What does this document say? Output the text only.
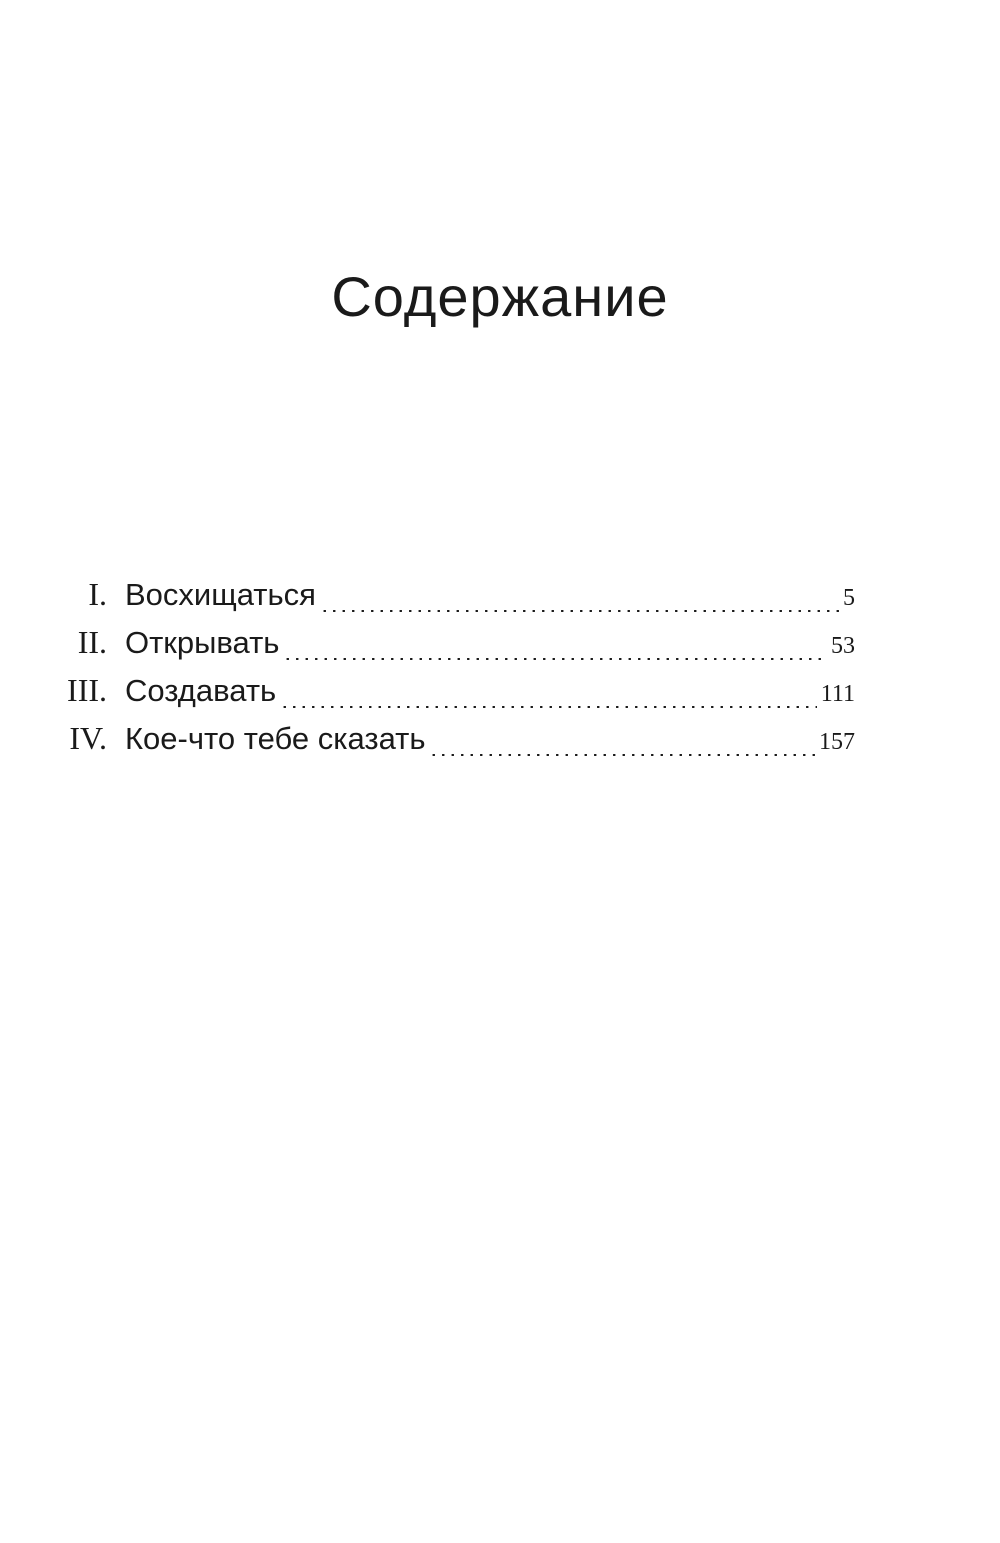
Содержание
I. Восхищаться	5
II. Открывать	53
III. Создавать	111
IV. Кое-что тебе сказать	157
